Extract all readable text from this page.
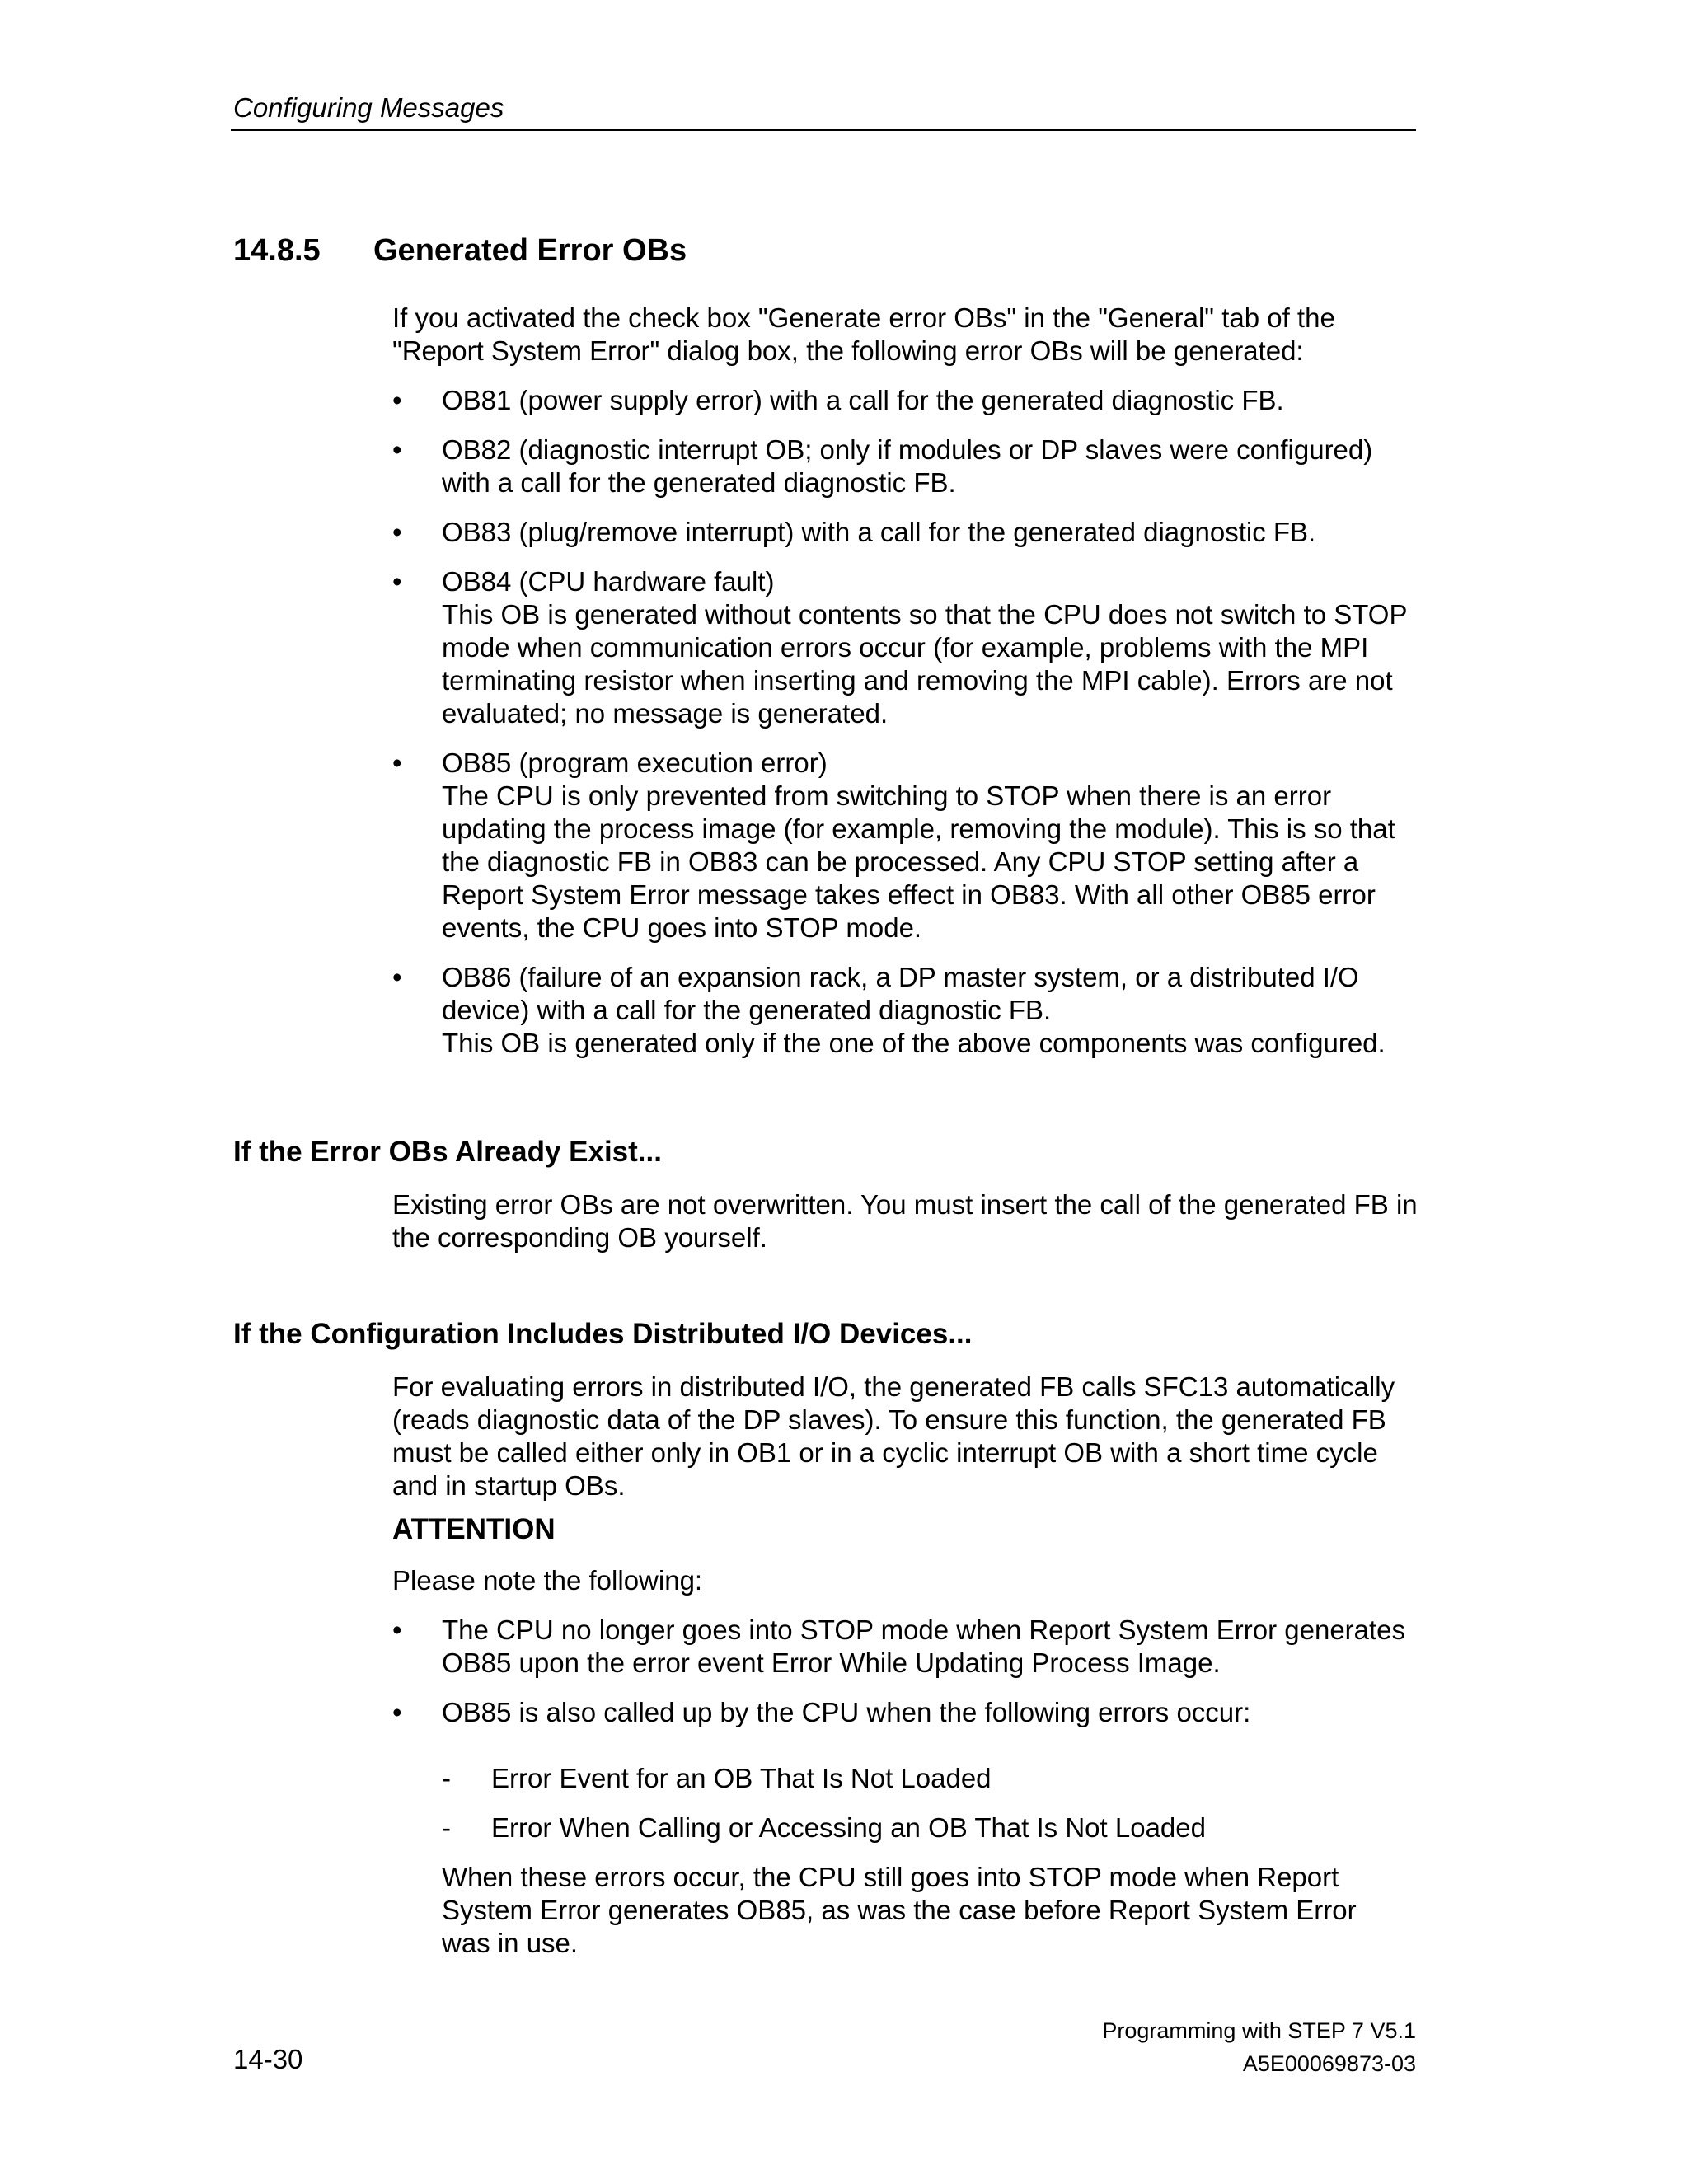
Configuring Messages
14.8.5 Generated Error OBs

If you activated the check box "Generate error OBs" in the "General" tab of the "Report System Error" dialog box, the following error OBs will be generated:

• OB81 (power supply error) with a call for the generated diagnostic FB.

• OB82 (diagnostic interrupt OB; only if modules or DP slaves were configured) with a call for the generated diagnostic FB.

• OB83 (plug/remove interrupt) with a call for the generated diagnostic FB.

• OB84 (CPU hardware fault)

This OB is generated without contents so that the CPU does not switch to STOP mode when communication errors occur (for example, problems with the MPI terminating resistor when inserting and removing the MPI cable). Errors are not evaluated; no message is generated.

• OB85 (program execution error)

The CPU is only prevented from switching to STOP when there is an error updating the process image (for example, removing the module). This is so that the diagnostic FB in OB83 can be processed. Any CPU STOP setting after a Report System Error message takes effect in OB83. With all other OB85 error events, the CPU goes into STOP mode.

• OB86 (failure of an expansion rack, a DP master system, or a distributed I/O device) with a call for the generated diagnostic FB.

This OB is generated only if the one of the above components was configured.

If the Error OBs Already Exist...

Existing error OBs are not overwritten. You must insert the call of the generated FB in the corresponding OB yourself.

If the Configuration Includes Distributed I/O Devices...

For evaluating errors in distributed I/O, the generated FB calls SFC13 automatically (reads diagnostic data of the DP slaves). To ensure this function, the generated FB must be called either only in OB1 or in a cyclic interrupt OB with a short time cycle and in startup OBs.

ATTENTION

Please note the following:

• The CPU no longer goes into STOP mode when Report System Error generates OB85 upon the error event Error While Updating Process Image.

• OB85 is also called up by the CPU when the following errors occur:

- Error Event for an OB That Is Not Loaded

- Error When Calling or Accessing an OB That Is Not Loaded

When these errors occur, the CPU still goes into STOP mode when Report System Error generates OB85, as was the case before Report System Error was in use.

14-30
Programming with STEP 7 V5.1
A5E00069873-03
